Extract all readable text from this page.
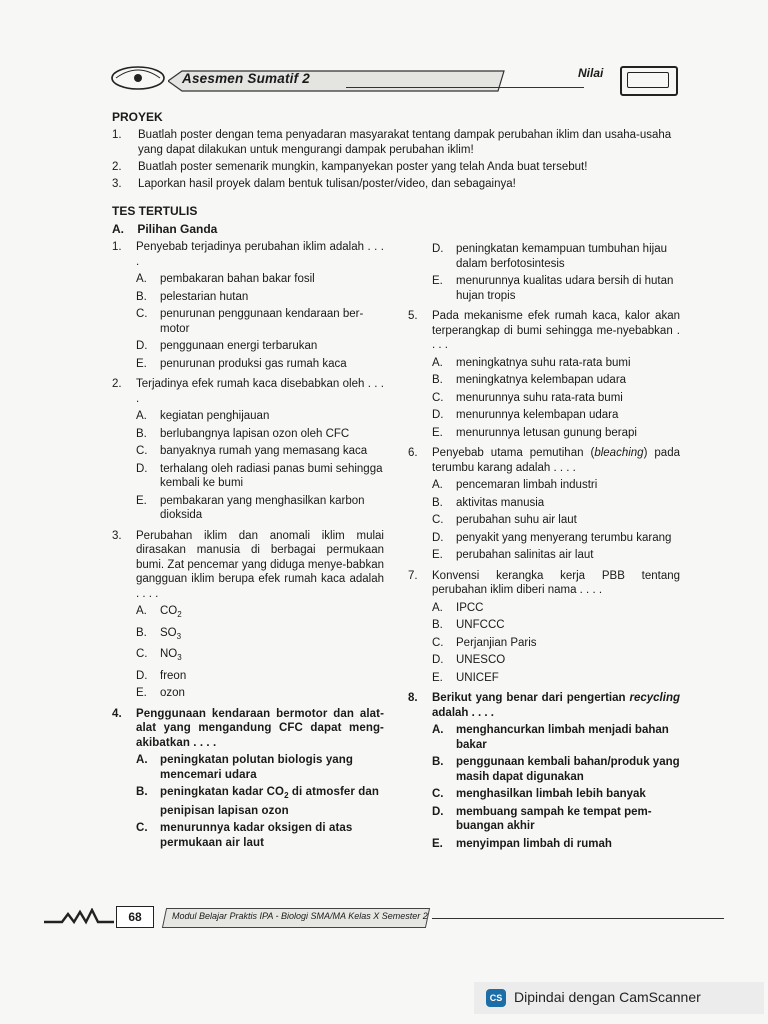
Asesmen Sumatif 2	Nilai
PROYEK
1.	Buatlah poster dengan tema penyadaran masyarakat tentang dampak perubahan iklim dan usaha-usaha yang dapat dilakukan untuk mengurangi dampak perubahan iklim!
2.	Buatlah poster semenarik mungkin, kampanyekan poster yang telah Anda buat tersebut!
3.	Laporkan hasil proyek dalam bentuk tulisan/poster/video, dan sebagainya!
TES TERTULIS
A. Pilihan Ganda
1.	Penyebab terjadinya perubahan iklim adalah . . . .
A.	pembakaran bahan bakar fosil
B.	pelestarian hutan
C.	penurunan penggunaan kendaraan ber-motor
D.	penggunaan energi terbarukan
E.	penurunan produksi gas rumah kaca
2.	Terjadinya efek rumah kaca disebabkan oleh . . . .
A.	kegiatan penghijauan
B.	berlubangnya lapisan ozon oleh CFC
C.	banyaknya rumah yang memasang kaca
D.	terhalang oleh radiasi panas bumi sehingga kembali ke bumi
E.	pembakaran yang menghasilkan karbon dioksida
3.	Perubahan iklim dan anomali iklim mulai dirasakan manusia di berbagai permukaan bumi. Zat pencemar yang diduga menye-babkan gangguan iklim berupa efek rumah kaca adalah . . . .
A.	$CO_2$
B.	$SO_3$
C.	$NO_3$
D.	freon
E.	ozon
4.	Penggunaan kendaraan bermotor dan alat-alat yang mengandung CFC dapat meng-akibatkan . . . .
A.	peningkatan polutan biologis yang mencemari udara
B.	peningkatan kadar $CO_2$ di atmosfer dan penipisan lapisan ozon
C.	menurunnya kadar oksigen di atas permukaan air laut
D.	peningkatan kemampuan tumbuhan hijau dalam berfotosintesis
E.	menurunnya kualitas udara bersih di hutan hujan tropis
5.	Pada mekanisme efek rumah kaca, kalor akan terperangkap di bumi sehingga me-nyebabkan . . . .
A.	meningkatnya suhu rata-rata bumi
B.	meningkatnya kelembapan udara
C.	menurunnya suhu rata-rata bumi
D.	menurunnya kelembapan udara
E.	menurunnya letusan gunung berapi
6.	Penyebab utama pemutihan (bleaching) pada terumbu karang adalah . . . .
A.	pencemaran limbah industri
B.	aktivitas manusia
C.	perubahan suhu air laut
D.	penyakit yang menyerang terumbu karang
E.	perubahan salinitas air laut
7.	Konvensi kerangka kerja PBB tentang perubahan iklim diberi nama . . . .
A.	IPCC
B.	UNFCCC
C.	Perjanjian Paris
D.	UNESCO
E.	UNICEF
8.	Berikut yang benar dari pengertian recycling adalah . . . .
A.	menghancurkan limbah menjadi bahan bakar
B.	penggunaan kembali bahan/produk yang masih dapat digunakan
C.	menghasilkan limbah lebih banyak
D.	membuang sampah ke tempat pem-buangan akhir
E.	menyimpan limbah di rumah
68	Modul Belajar Praktis IPA - Biologi SMA/MA Kelas X Semester 2
CS Dipindai dengan CamScanner
